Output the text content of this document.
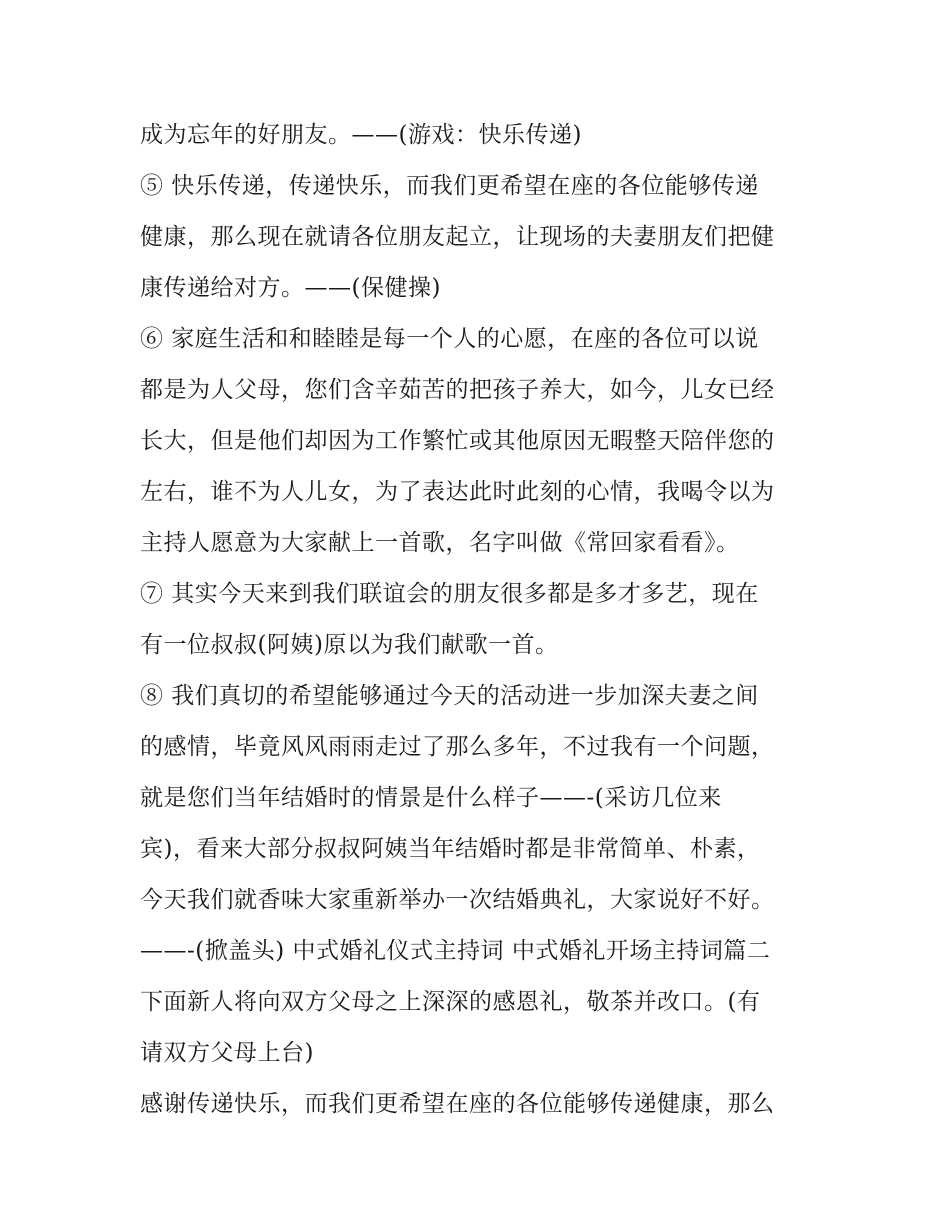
成为忘年的好朋友。——(游戏：快乐传递)
⑤ 快乐传递，传递快乐，而我们更希望在座的各位能够传递
健康，那么现在就请各位朋友起立，让现场的夫妻朋友们把健
康传递给对方。——(保健操)
⑥ 家庭生活和和睦睦是每一个人的心愿，在座的各位可以说
都是为人父母，您们含辛茹苦的把孩子养大，如今，儿女已经
长大，但是他们却因为工作繁忙或其他原因无暇整天陪伴您的
左右，谁不为人儿女，为了表达此时此刻的心情，我喝令以为
主持人愿意为大家献上一首歌，名字叫做《常回家看看》。
⑦ 其实今天来到我们联谊会的朋友很多都是多才多艺，现在
有一位叔叔(阿姨)原以为我们献歌一首。
⑧ 我们真切的希望能够通过今天的活动进一步加深夫妻之间
的感情，毕竟风风雨雨走过了那么多年，不过我有一个问题，
就是您们当年结婚时的情景是什么样子——-(采访几位来
宾)，看来大部分叔叔阿姨当年结婚时都是非常简单、朴素，
今天我们就香味大家重新举办一次结婚典礼，大家说好不好。
——-(掀盖头) 中式婚礼仪式主持词 中式婚礼开场主持词篇二
下面新人将向双方父母之上深深的感恩礼，敬茶并改口。(有
请双方父母上台)
感谢传递快乐，而我们更希望在座的各位能够传递健康，那么
